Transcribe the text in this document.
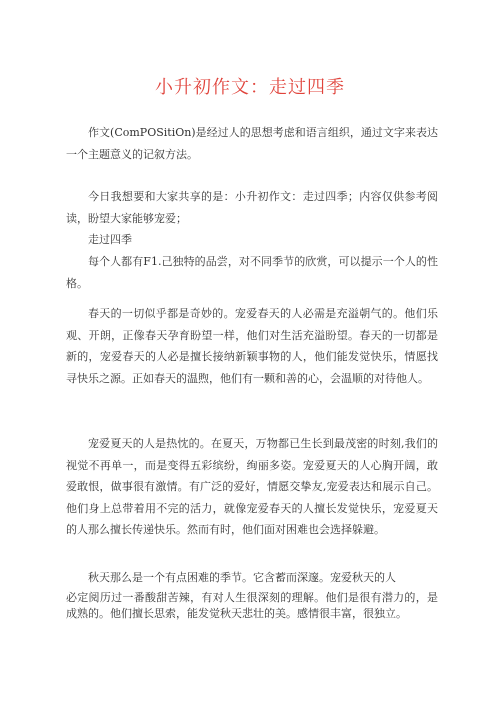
小升初作文：走过四季

作文(ComPOSitiOn)是经过人的思想考虑和语言组织，通过文字来表达一个主题意义的记叙方法。

今日我想要和大家共享的是：小升初作文：走过四季；内容仅供参考阅读，盼望大家能够宠爱；

走过四季

每个人都有F1.己独特的品尝，对不同季节的欣赏，可以提示一个人的性格。

春天的一切似乎都是奇妙的。宠爱春天的人必需是充溢朝气的。他们乐观、开朗，正像春天孕育盼望一样，他们对生活充溢盼望。春天的一切都是新的，宠爱春天的人必是擅长接纳新颖事物的人，他们能发觉快乐，情愿找寻快乐之源。正如春天的温煦，他们有一颗和善的心，会温顺的对待他人。

宠爱夏天的人是热忱的。在夏天，万物都已生长到最茂密的时刻,我们的视觉不再单一，而是变得五彩缤纷，绚丽多姿。宠爱夏天的人心胸开阔，敢爱敢恨，做事很有激情。有广泛的爱好，情愿交挚友,宠爱表达和展示自己。他们身上总带着用不完的活力，就像宠爱春天的人擅长发觉快乐，宠爱夏天的人那么擅长传递快乐。然而有时，他们面对困难也会选择躲避。

秋天那么是一个有点困难的季节。它含蓄而深邃。宠爱秋天的人
必定阅历过一番酸甜苦辣，有对人生很深刻的理解。他们是很有潜力的，是成熟的。他们擅长思索，能发觉秋天悲壮的美。感情很丰富，很独立。
